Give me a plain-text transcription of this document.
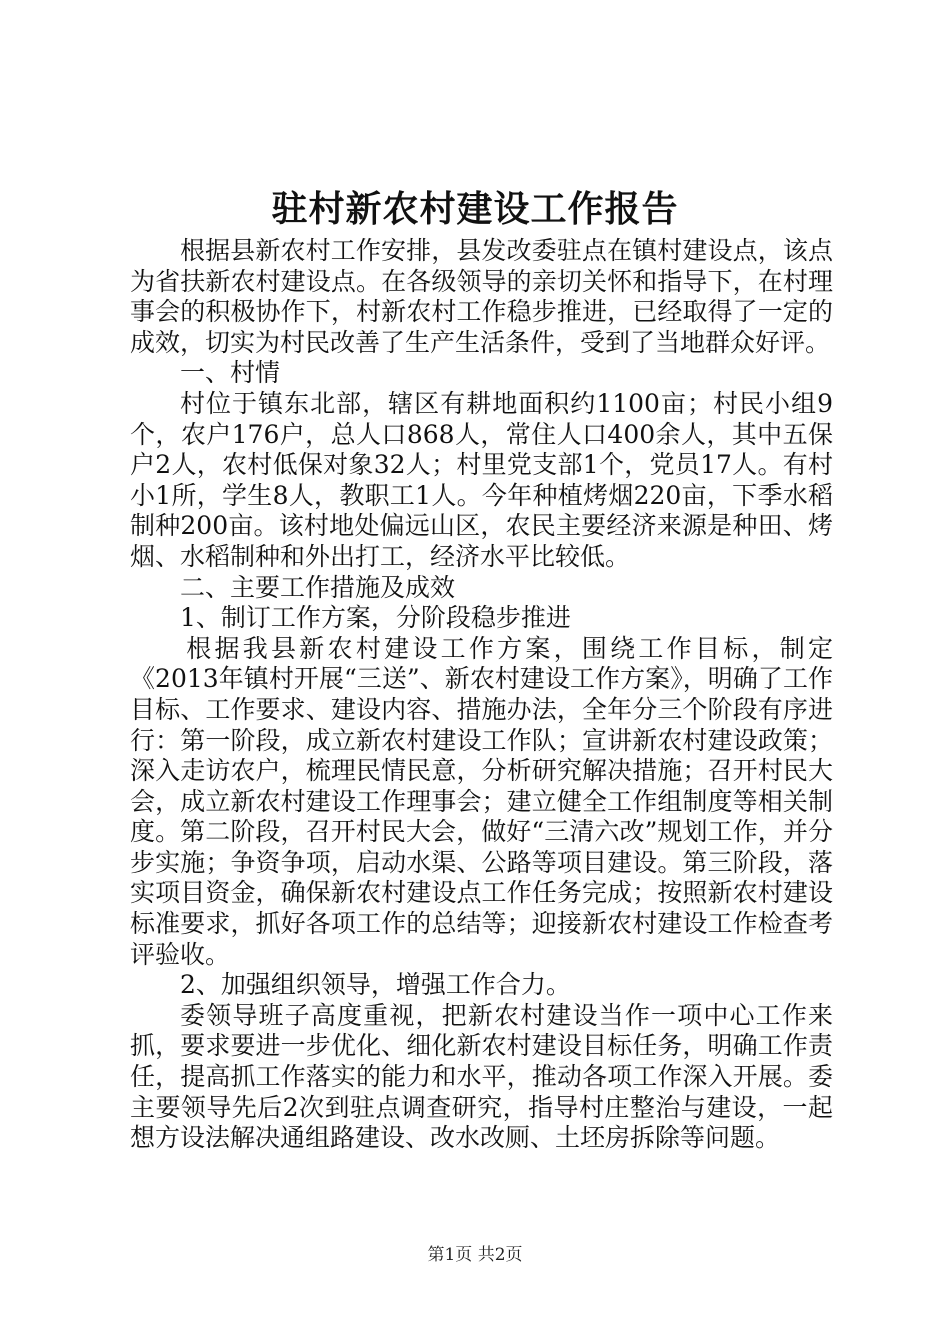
驻村新农村建设工作报告

根据县新农村工作安排，县发改委驻点在镇村建设点，该点为省扶新农村建设点。在各级领导的亲切关怀和指导下，在村理事会的积极协作下，村新农村工作稳步推进，已经取得了一定的成效，切实为村民改善了生产生活条件，受到了当地群众好评。

一、村情

村位于镇东北部，辖区有耕地面积约1100亩；村民小组9个，农户176户，总人口868人，常住人口400余人，其中五保户2人，农村低保对象32人；村里党支部1个，党员17人。有村小1所，学生8人，教职工1人。今年种植烤烟220亩，下季水稻制种200亩。该村地处偏远山区，农民主要经济来源是种田、烤烟、水稻制种和外出打工，经济水平比较低。

二、主要工作措施及成效

1、制订工作方案，分阶段稳步推进

根据我县新农村建设工作方案，围绕工作目标，制定《2013年镇村开展“三送”、新农村建设工作方案》，明确了工作目标、工作要求、建设内容、措施办法，全年分三个阶段有序进行：第一阶段，成立新农村建设工作队；宣讲新农村建设政策；深入走访农户，梳理民情民意，分析研究解决措施；召开村民大会，成立新农村建设工作理事会；建立健全工作组制度等相关制度。第二阶段，召开村民大会，做好“三清六改”规划工作，并分步实施；争资争项，启动水渠、公路等项目建设。第三阶段，落实项目资金，确保新农村建设点工作任务完成；按照新农村建设标准要求，抓好各项工作的总结等；迎接新农村建设工作检查考评验收。

2、加强组织领导，增强工作合力。

委领导班子高度重视，把新农村建设当作一项中心工作来抓，要求要进一步优化、细化新农村建设目标任务，明确工作责任，提高抓工作落实的能力和水平，推动各项工作深入开展。委主要领导先后2次到驻点调查研究，指导村庄整治与建设，一起想方设法解决通组路建设、改水改厕、土坯房拆除等问题。

第1页 共2页
